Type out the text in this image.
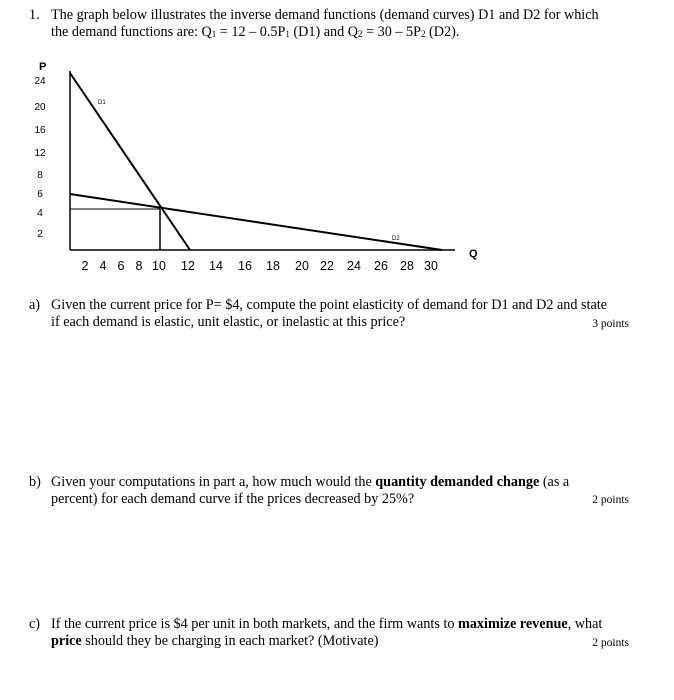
1. The graph below illustrates the inverse demand functions (demand curves) D1 and D2 for which
the demand functions are: $Q_1 = 12 - 0.5P_1$ (D1) and $Q_2 = 30 - 5P_2$ (D2).
24
20
16
12
8
6
4
2
2 4 6 8 10 12 14 16 18 20 22 24 26 28 30
P
Q
D1
D2
a) Given the current price for P= $4, compute the point elasticity of demand for D1 and D2 and state
if each demand is elastic, unit elastic, or inelastic at this price?	3 points
b) Given your computations in part a, how much would the quantity demanded change (as a
percent) for each demand curve if the prices decreased by 25%?	2 points
c) If the current price is $4 per unit in both markets, and the firm wants to maximize revenue, what
price should they be charging in each market? (Motivate)	2 points
